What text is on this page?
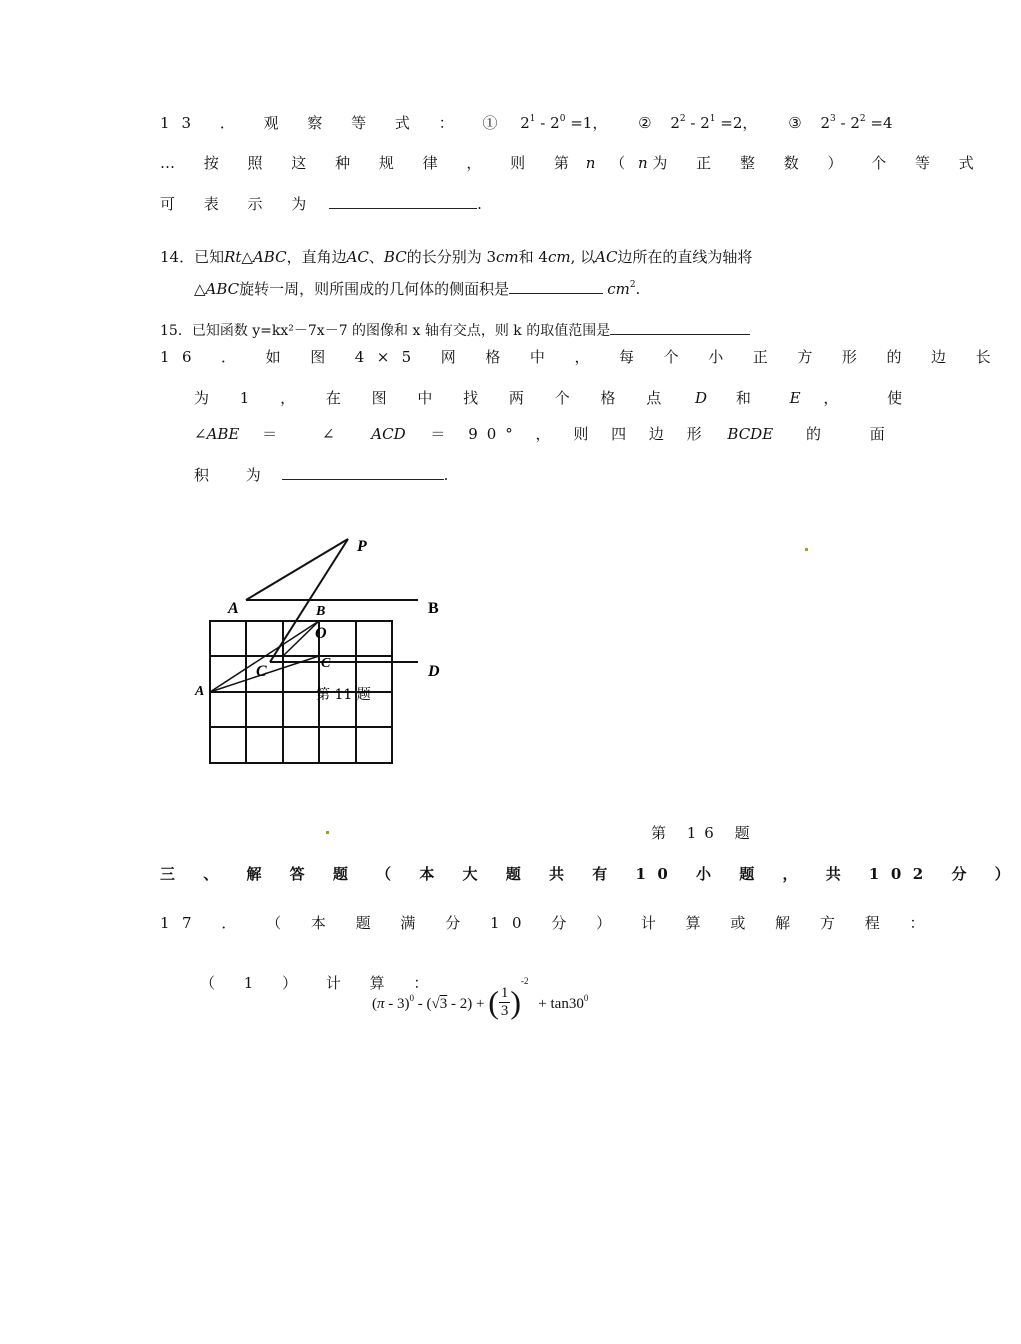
13 ． 观 察 等 式 ： ① $2^1 - 2^0 =1$， ② $2^2 - 2^1 =2$， ③ $2^3 - 2^2 =4$
… 按 照 这 种 规 律 ， 则 第 n （ n 为 正 整 数 ） 个 等 式
可 表 示 为	.
14．已知Rt△ABC，直角边AC、BC的长分别为 3cm和 4cm, 以AC边所在的直线为轴将
△ABC旋转一周，则所围成的几何体的侧面积是	$cm^2$.
15．已知函数 y=kx²－7x－7 的图像和 x 轴有交点，则 k 的取值范围是
16 ． 如 图 4×5 网 格 中 ， 每 个 小 正 方 形 的 边 长
为 1 ， 在 图 中 找 两 个 格 点 D 和	E ， 使
∠ABE ＝ ∠ ACD ＝ 90° ， 则 四 边 形 BCDE 的 面
积 为	.
P
A	B
B
O
C	C	D
A	第 11 题
第 16 题
三 、 解 答 题 （ 本 大 题 共 有 10 小 题 ， 共 102 分 ）
17 ． （ 本 题 满 分 10 分 ） 计 算 或 解 方 程 ：
（ 1 ） 计 算 ：
(π - 3)$^0$ - (√3 - 2) + ( 1
$3)^{-2} + \tan 30^0$
